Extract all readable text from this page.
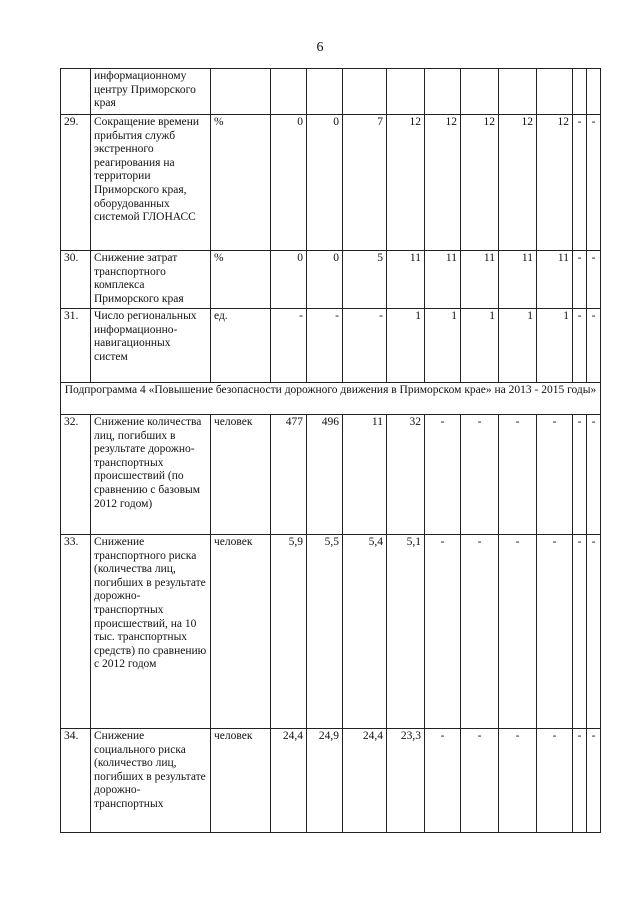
6
	информационному центру Приморского края											
29.	Сокращение времени прибытия служб экстренного реагирования на территории Приморского края, оборудованных системой ГЛОНАСС	%	0	0	7	12	12	12	12	12	-	-
30.	Снижение затрат транспортного комплекса Приморского края	%	0	0	5	11	11	11	11	11	-	-
31.	Число региональных информационно-навигационных систем	ед.	-	-	-	1	1	1	1	1	-	-
Подпрограмма 4 «Повышение безопасности дорожного движения в Приморском крае» на 2013 - 2015 годы»												
32.	Снижение количества лиц, погибших в результате дорожно-транспортных происшествий (по сравнению с базовым 2012 годом)	человек	477	496	11	32	-	-	-	-	-	-
33.	Снижение транспортного риска (количества лиц, погибших в результате дорожно-транспортных происшествий, на 10 тыс. транспортных средств) по сравнению с 2012 годом	человек	5,9	5,5	5,4	5,1	-	-	-	-	-	-
34.	Снижение социального риска (количество лиц, погибших в результате дорожно-транспортных	человек	24,4	24,9	24,4	23,3	-	-	-	-	-	-
